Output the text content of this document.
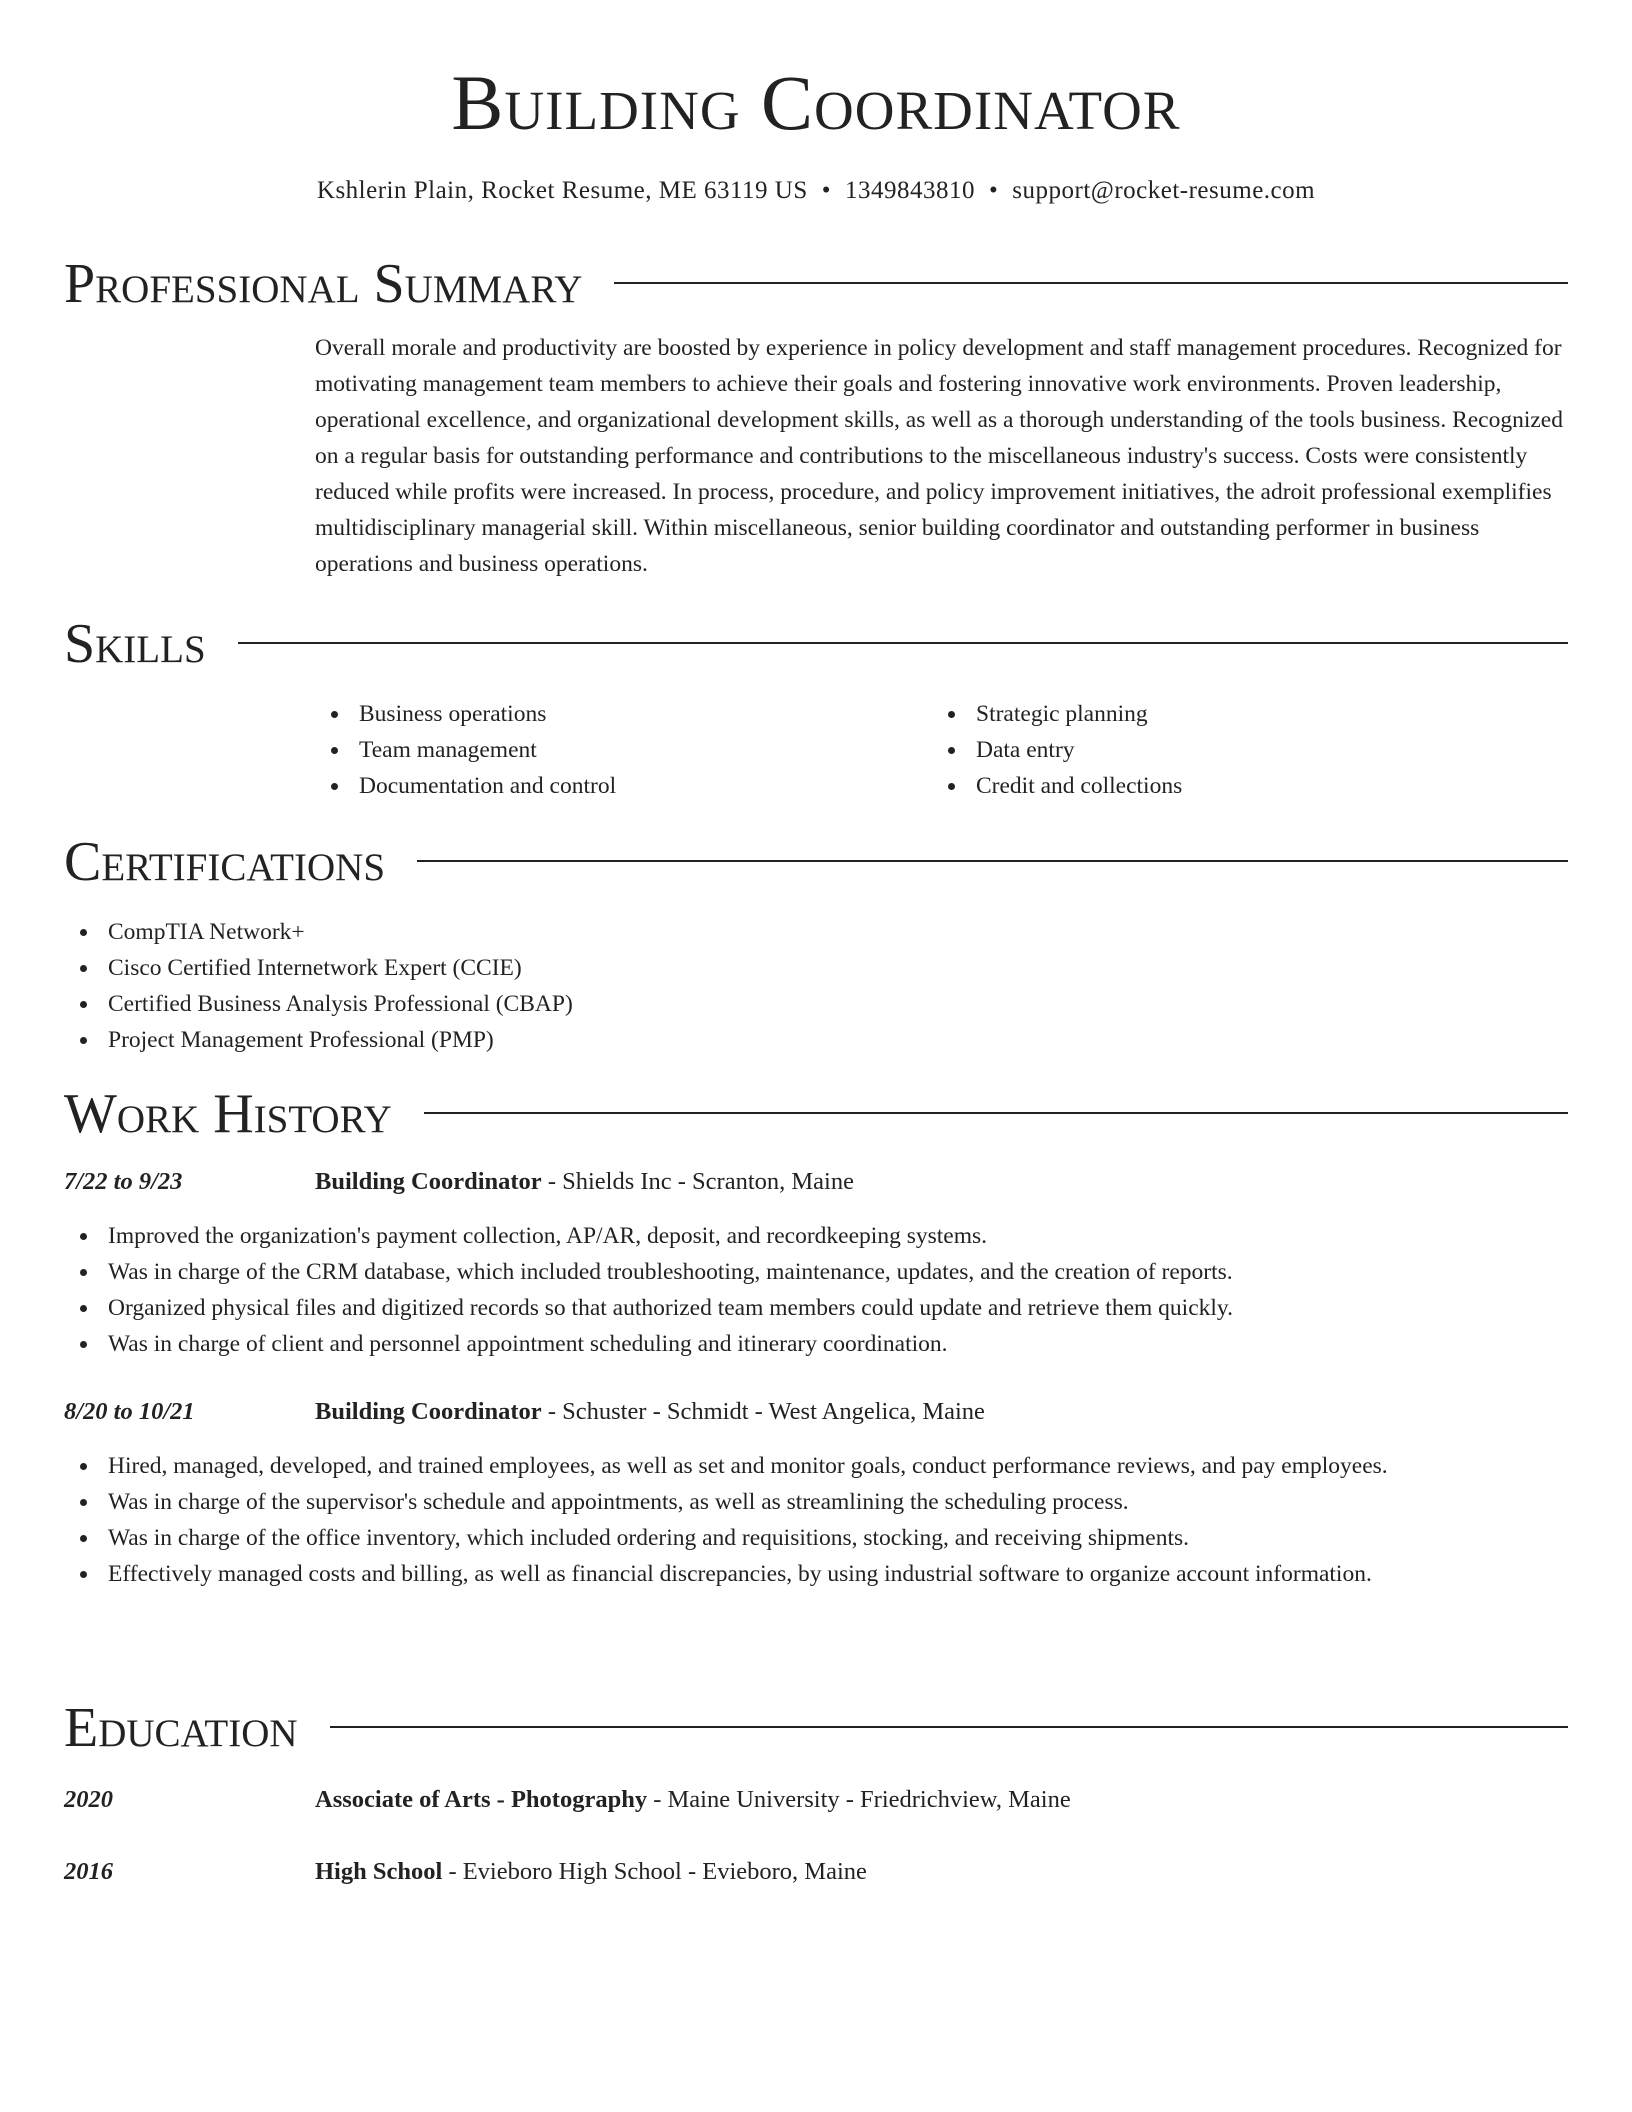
Building Coordinator
Kshlerin Plain, Rocket Resume, ME 63119 US • 1349843810 • support@rocket-resume.com
Professional Summary
Overall morale and productivity are boosted by experience in policy development and staff management procedures. Recognized for motivating management team members to achieve their goals and fostering innovative work environments. Proven leadership, operational excellence, and organizational development skills, as well as a thorough understanding of the tools business. Recognized on a regular basis for outstanding performance and contributions to the miscellaneous industry's success. Costs were consistently reduced while profits were increased. In process, procedure, and policy improvement initiatives, the adroit professional exemplifies multidisciplinary managerial skill. Within miscellaneous, senior building coordinator and outstanding performer in business operations and business operations.
Skills
Business operations
Team management
Documentation and control
Strategic planning
Data entry
Credit and collections
Certifications
CompTIA Network+
Cisco Certified Internetwork Expert (CCIE)
Certified Business Analysis Professional (CBAP)
Project Management Professional (PMP)
Work History
7/22 to 9/23	Building Coordinator - Shields Inc - Scranton, Maine
Improved the organization's payment collection, AP/AR, deposit, and recordkeeping systems.
Was in charge of the CRM database, which included troubleshooting, maintenance, updates, and the creation of reports.
Organized physical files and digitized records so that authorized team members could update and retrieve them quickly.
Was in charge of client and personnel appointment scheduling and itinerary coordination.
8/20 to 10/21	Building Coordinator - Schuster - Schmidt - West Angelica, Maine
Hired, managed, developed, and trained employees, as well as set and monitor goals, conduct performance reviews, and pay employees.
Was in charge of the supervisor's schedule and appointments, as well as streamlining the scheduling process.
Was in charge of the office inventory, which included ordering and requisitions, stocking, and receiving shipments.
Effectively managed costs and billing, as well as financial discrepancies, by using industrial software to organize account information.
Education
2020	Associate of Arts - Photography - Maine University - Friedrichview, Maine
2016	High School - Evieboro High School - Evieboro, Maine
